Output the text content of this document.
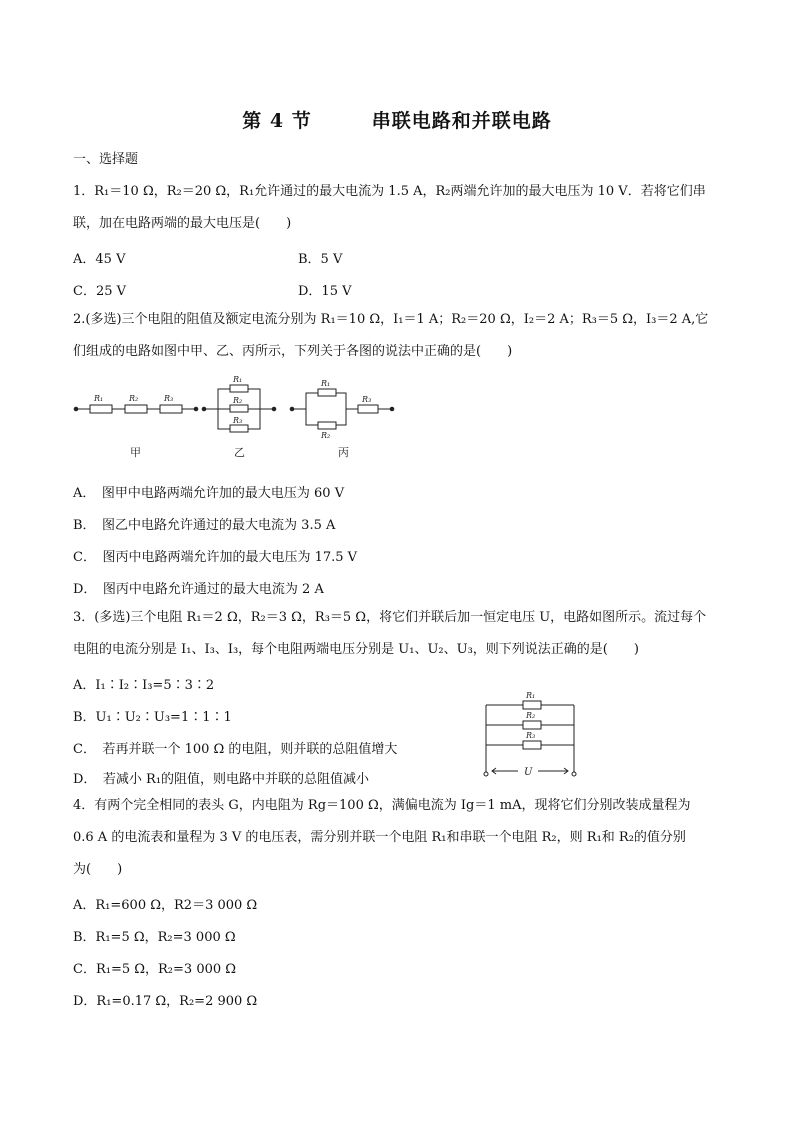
第 4 节	串联电路和并联电路
一、选择题
1．R₁＝10 Ω，R₂＝20 Ω，R₁允许通过的最大电流为 1.5 A，R₂两端允许加的最大电压为 10 V．若将它们串
联，加在电路两端的最大电压是(　　)
A．45 V	B．5 V
C．25 V	D．15 V
2.(多选)三个电阻的阻值及额定电流分别为 R₁＝10 Ω，I₁＝1 A；R₂＝20 Ω，I₂＝2 A；R₃＝5 Ω，I₃＝2 A,它
们组成的电路如图中甲、乙、丙所示，下列关于各图的说法中正确的是(　　)
R₁	R₂	R₃
R₁
R₂
R₃
R₁
R₂
R₃
甲	乙	丙
A．　图甲中电路两端允许加的最大电压为 60 V
B．　图乙中电路允许通过的最大电流为 3.5 A
C．　图丙中电路两端允许加的最大电压为 17.5 V
D．　图丙中电路允许通过的最大电流为 2 A
3．(多选)三个电阻 R₁＝2 Ω，R₂＝3 Ω，R₃＝5 Ω，将它们并联后加一恒定电压 U，电路如图所示。流过每个
电阻的电流分别是 I₁、I₃、I₃，每个电阻两端电压分别是 U₁、U₂、U₃，则下列说法正确的是(　　)
A．I₁∶I₂∶I₃=5∶3∶2
B．U₁∶U₂∶U₃=1∶1∶1
C．　若再并联一个 100 Ω 的电阻，则并联的总阻值增大
D．　若减小 R₁的阻值，则电路中并联的总阻值减小
R₁
R₂
R₃
U
4．有两个完全相同的表头 G，内电阻为 Rg＝100 Ω，满偏电流为 Ig＝1 mA，现将它们分别改装成量程为
0.6 A 的电流表和量程为 3 V 的电压表，需分别并联一个电阻 R₁和串联一个电阻 R₂，则 R₁和 R₂的值分别
为(　　)
A．R₁=600 Ω，R2＝3 000 Ω
B．R₁=5 Ω，R₂=3 000 Ω
C．R₁=5 Ω，R₂=3 000 Ω
D．R₁=0.17 Ω，R₂=2 900 Ω
